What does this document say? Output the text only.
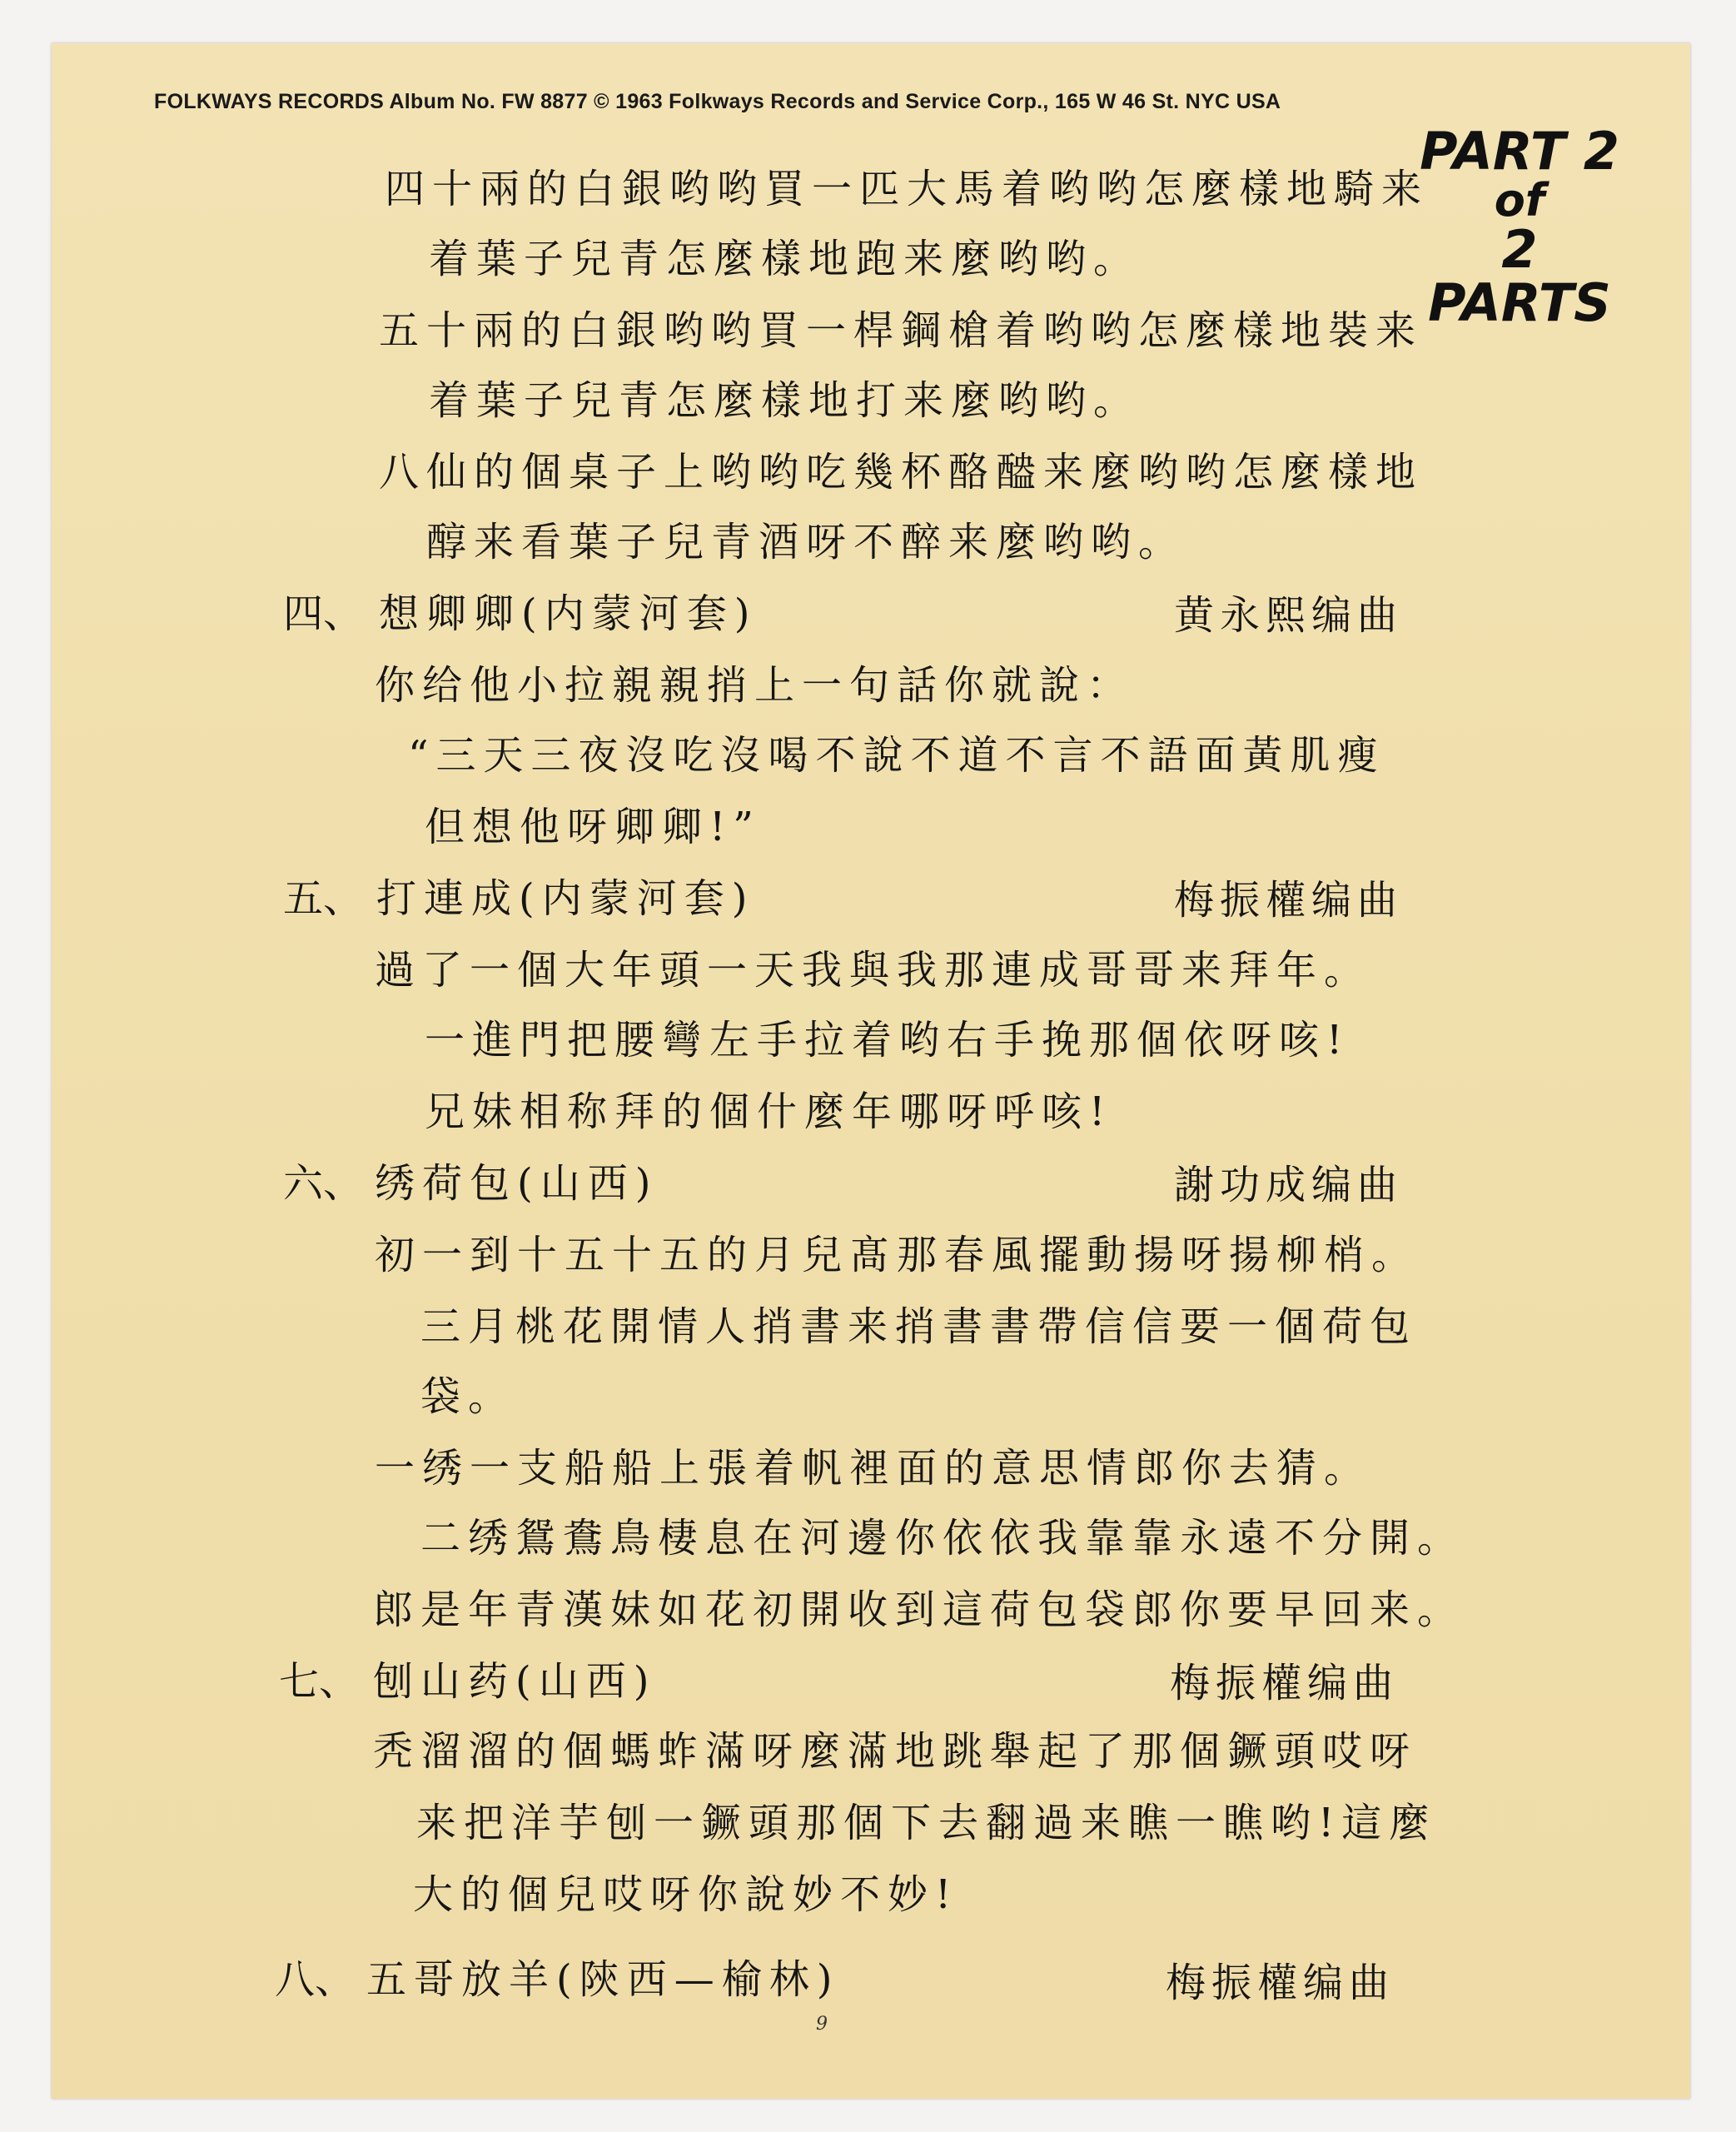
FOLKWAYS RECORDS Album No. FW 8877 © 1963 Folkways Records and Service Corp., 165 W 46 St. NYC USA
PART 2
of
2 PARTS
四十兩的白銀哟哟買一匹大馬着哟哟怎麼樣地騎来
着葉子兒青怎麼樣地跑来麼哟哟。
五十兩的白銀哟哟買一桿鋼槍着哟哟怎麼樣地裝来
着葉子兒青怎麼樣地打来麼哟哟。
八仙的個桌子上哟哟吃幾杯酪醠来麼哟哟怎麼樣地
醇来看葉子兒青酒呀不醉来麼哟哟。
四、 想卿卿(内蒙河套)	黄永熙编曲
你给他小拉親親捎上一句話你就說：
“三天三夜沒吃沒喝不說不道不言不語面黃肌瘦
但想他呀卿卿!”
五、 打連成(内蒙河套)	梅振權编曲
過了一個大年頭一天我與我那連成哥哥来拜年。
一進門把腰彎左手拉着哟右手挽那個依呀咳!
兄妹相称拜的個什麼年哪呀呼咳!
六、 绣荷包(山西)	謝功成编曲
初一到十五十五的月兒髙那春風擺動揚呀揚柳梢。
三月桃花開情人捎書来捎書書帶信信要一個荷包
袋。
一绣一支船船上張着帆裡面的意思情郎你去猜。
二绣鴛鴦鳥棲息在河邊你依依我靠靠永遠不分開。
郎是年青漢妹如花初開收到這荷包袋郎你要早回来。
七、 刨山药(山西)	梅振權编曲
秃溜溜的個螞蚱滿呀麼滿地跳舉起了那個鐝頭哎呀
来把洋芋刨一鐝頭那個下去翻過来瞧一瞧哟!這麼
大的個兒哎呀你說妙不妙!
八、 五哥放羊(陝西—榆林)	梅振權编曲
9
